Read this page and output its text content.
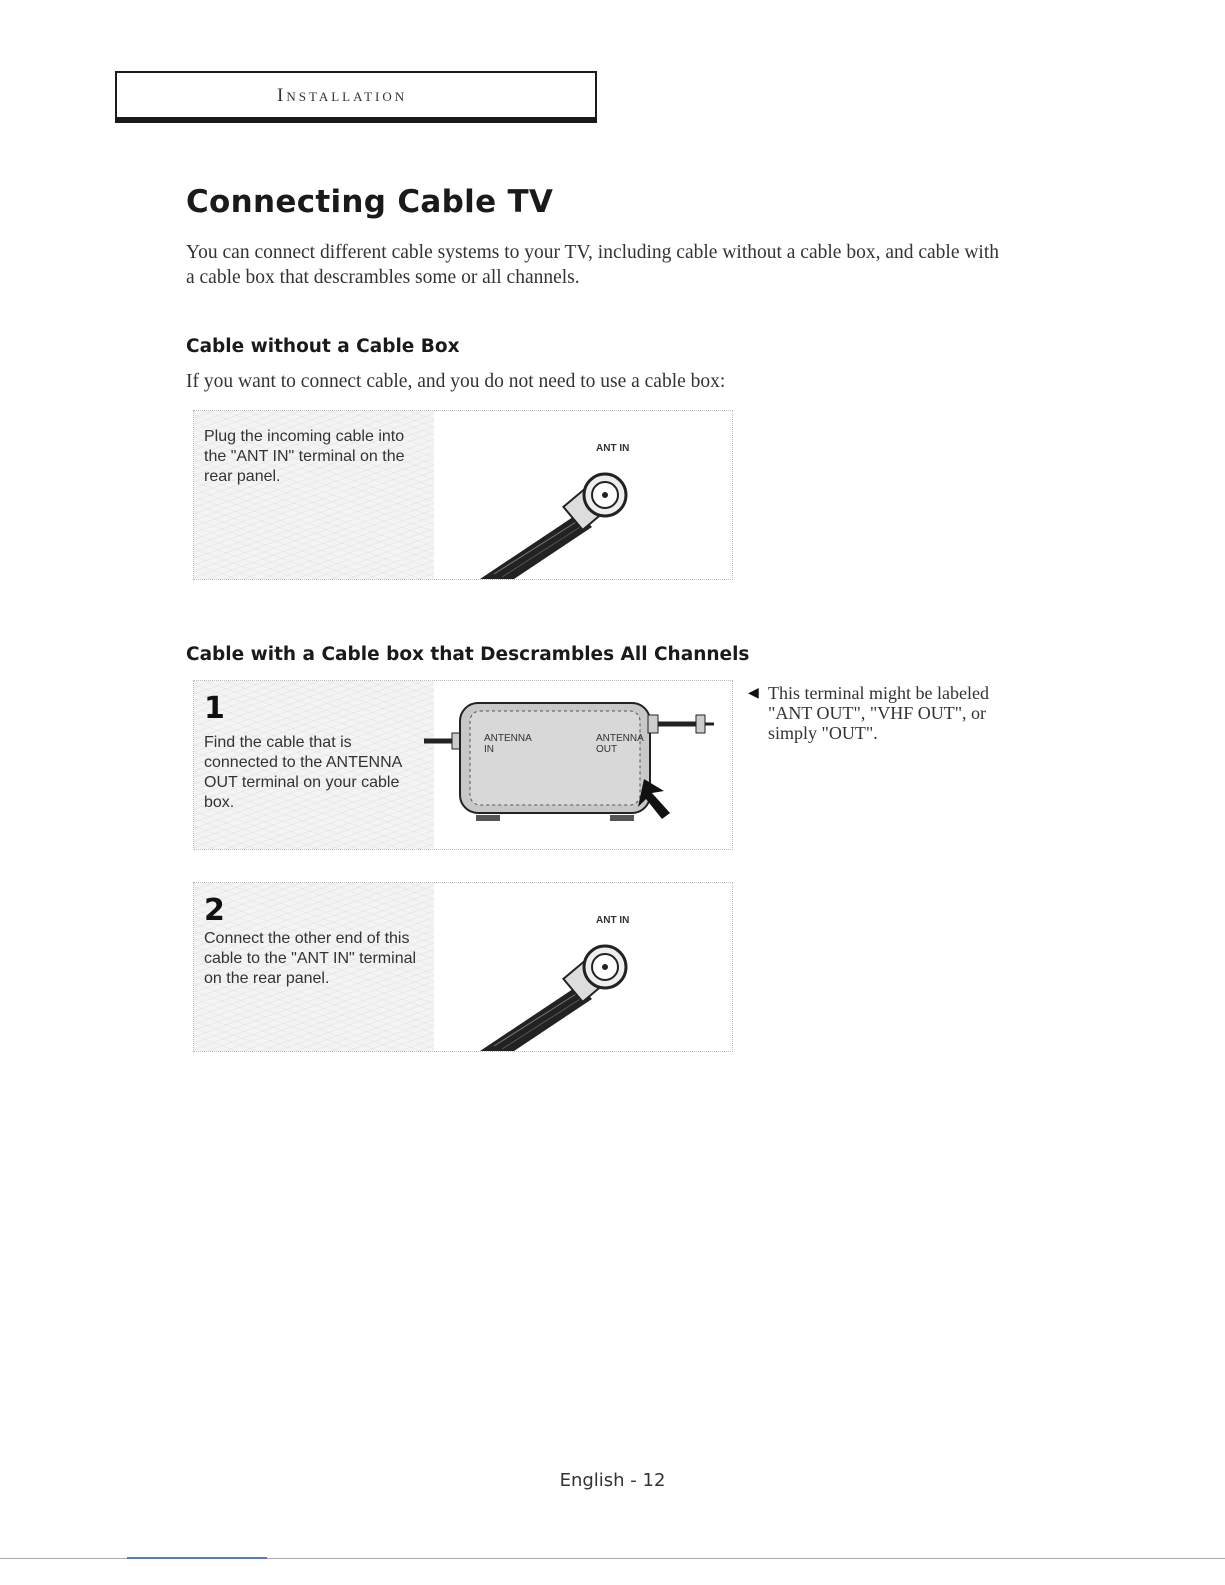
Installation
Connecting Cable TV

You can connect different cable systems to your TV, including cable without a cable box, and cable with a cable box that descrambles some or all channels.

Cable without a Cable Box

If you want to connect cable, and you do not need to use a cable box:

Plug the incoming cable into the "ANT IN" terminal on the rear panel.

ANT IN
Cable with a Cable box that Descrambles All Channels
1

Find the cable that is connected to the ANTENNA OUT terminal on your cable box.

ANTENNA IN
ANTENNA OUT
◀ This terminal might be labeled "ANT OUT", "VHF OUT", or simply "OUT".

2

Connect the other end of this cable to the "ANT IN" terminal on the rear panel.

ANT IN
English - 12
